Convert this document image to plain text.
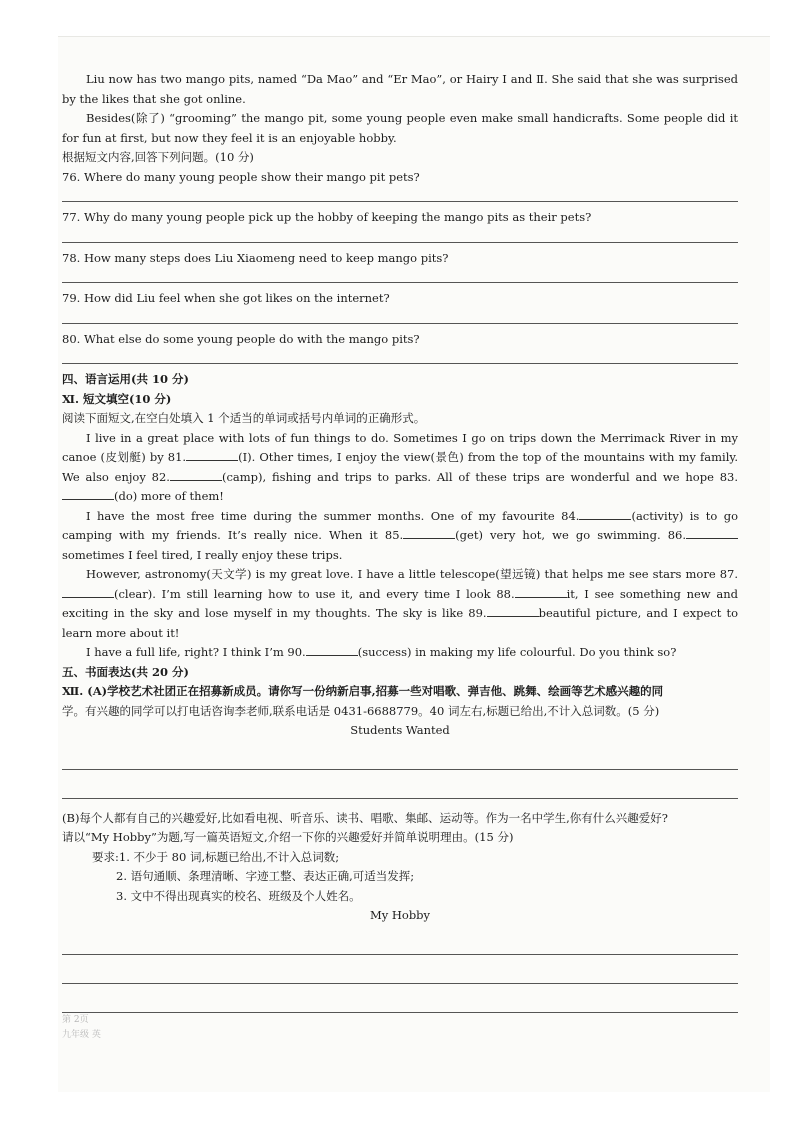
Liu now has two mango pits, named “Da Mao” and “Er Mao”, or Hairy Ⅰ and Ⅱ. She said that she was surprised by the likes that she got online.

Besides(除了) “grooming” the mango pit, some young people even make small handicrafts. Some people did it for fun at first, but now they feel it is an enjoyable hobby.

根据短文内容,回答下列问题。(10 分)

76. Where do many young people show their mango pit pets?

77. Why do many young people pick up the hobby of keeping the mango pits as their pets?

78. How many steps does Liu Xiaomeng need to keep mango pits?

79. How did Liu feel when she got likes on the internet?

80. What else do some young people do with the mango pits?

四、语言运用(共 10 分)

Ⅺ. 短文填空(10 分)

阅读下面短文,在空白处填入 1 个适当的单词或括号内单词的正确形式。

I live in a great place with lots of fun things to do. Sometimes I go on trips down the Merrimack River in my canoe (皮划艇) by 81.	(I). Other times, I enjoy the view(景色) from the top of the mountains with my family. We also enjoy 82.	(camp), fishing and trips to parks. All of these trips are wonderful and we hope 83.(do) more of them!

I have the most free time during the summer months. One of my favourite 84.	(activity) is to go camping with my friends. It’s really nice. When it 85.	(get) very hot, we go swimming. 86. sometimes I feel tired, I really enjoy these trips.

However, astronomy(天文学) is my great love. I have a little telescope(望远镜) that helps me see stars more 87.(clear). I’m still learning how to use it, and every time I look 88.	it, I see something new and exciting in the sky and lose myself in my thoughts. The sky is like 89.	beautiful picture, and I expect to learn more about it!

I have a full life, right? I think I’m 90.	(success) in making my life colourful. Do you think so?

五、书面表达(共 20 分)

Ⅻ. (A)学校艺术社团正在招募新成员。请你写一份纳新启事,招募一些对唱歌、弹吉他、跳舞、绘画等艺术感兴趣的同
学。有兴趣的同学可以打电话咨询李老师,联系电话是 0431-6688779。40 词左右,标题已给出,不计入总词数。(5 分)

Students Wanted

(B)每个人都有自己的兴趣爱好,比如看电视、听音乐、读书、唱歌、集邮、运动等。作为一名中学生,你有什么兴趣爱好?
请以“My Hobby”为题,写一篇英语短文,介绍一下你的兴趣爱好并简单说明理由。(15 分)

要求:1. 不少于 80 词,标题已给出,不计入总词数;

2. 语句通顺、条理清晰、字迹工整、表达正确,可适当发挥;

3. 文中不得出现真实的校名、班级及个人姓名。

My Hobby

第 2页
九年级 英
